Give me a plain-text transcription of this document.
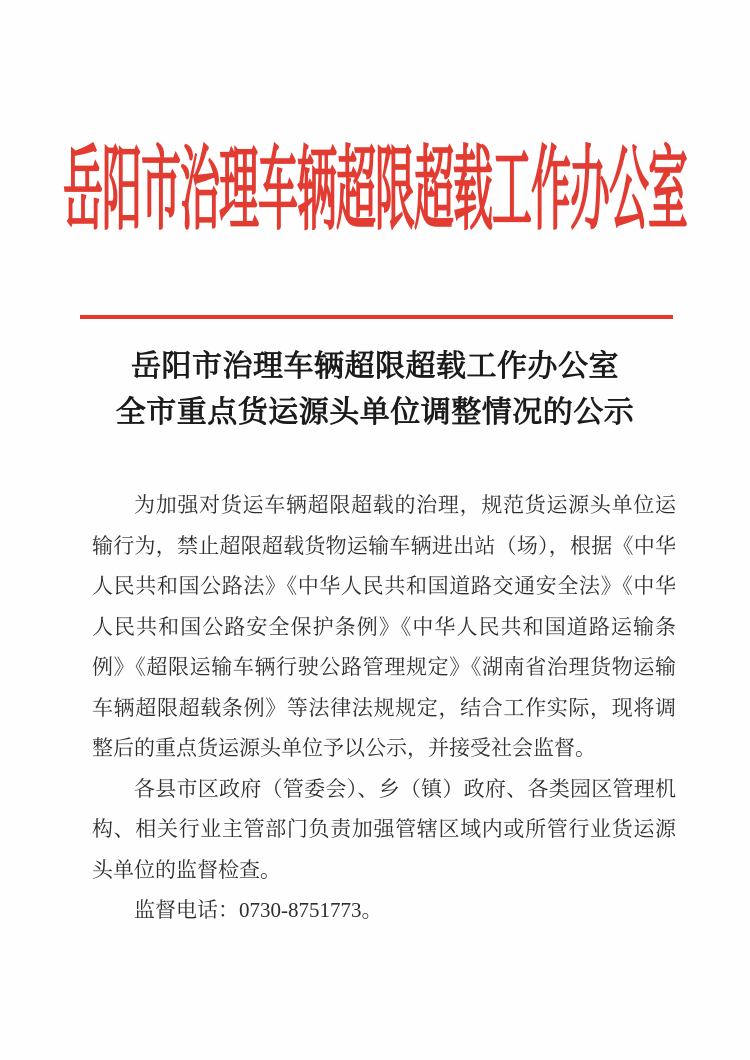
岳阳市治理车辆超限超载工作办公室
岳阳市治理车辆超限超载工作办公室
全市重点货运源头单位调整情况的公示

为加强对货运车辆超限超载的治理，规范货运源头单位运输行为，禁止超限超载货物运输车辆进出站（场），根据《中华人民共和国公路法》《中华人民共和国道路交通安全法》《中华人民共和国公路安全保护条例》《中华人民共和国道路运输条例》《超限运输车辆行驶公路管理规定》《湖南省治理货物运输车辆超限超载条例》等法律法规规定，结合工作实际，现将调整后的重点货运源头单位予以公示，并接受社会监督。

各县市区政府（管委会）、乡（镇）政府、各类园区管理机构、相关行业主管部门负责加强管辖区域内或所管行业货运源头单位的监督检查。

监督电话：0730-8751773。
